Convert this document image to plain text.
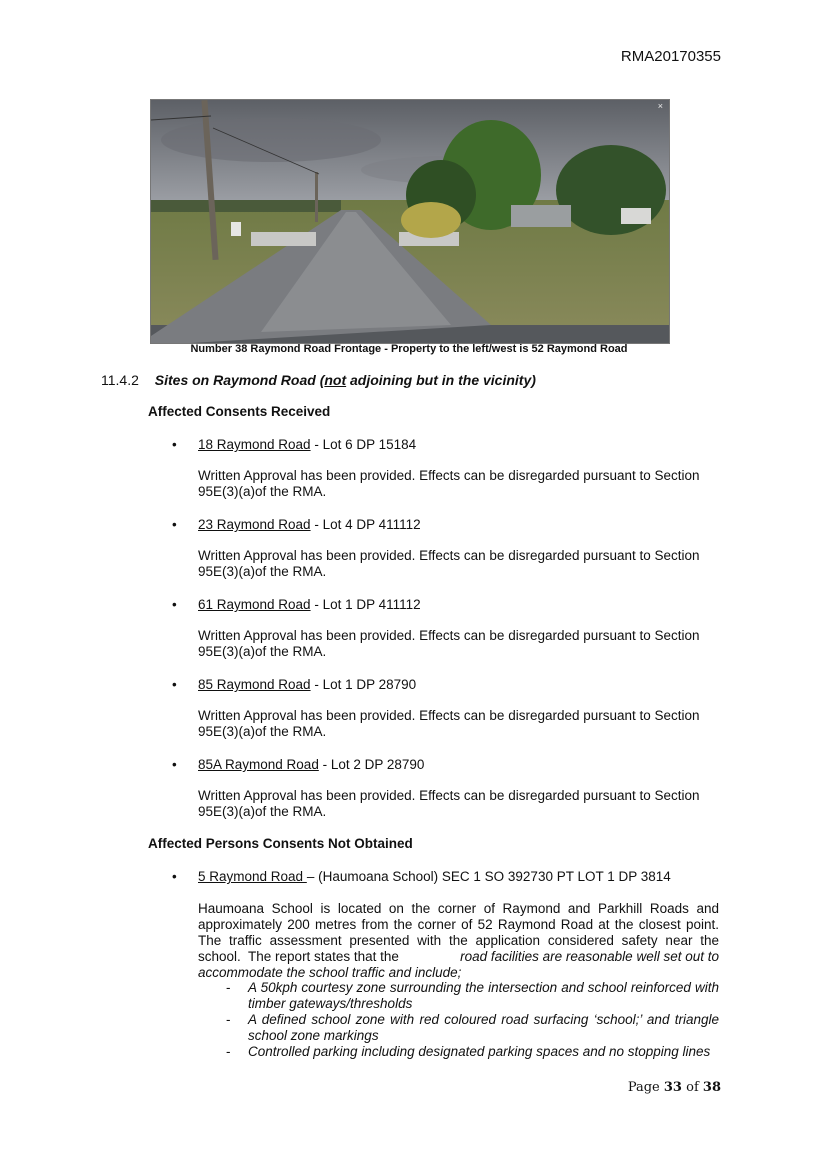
RMA20170355
×
Number 38 Raymond Road Frontage - Property to the left/west is 52 Raymond Road
11.4.2 Sites on Raymond Road (not adjoining but in the vicinity)
Affected Consents Received
• 18 Raymond Road - Lot 6 DP 15184
Written Approval has been provided. Effects can be disregarded pursuant to Section 95E(3)(a)of the RMA.
• 23 Raymond Road - Lot 4 DP 411112
Written Approval has been provided. Effects can be disregarded pursuant to Section 95E(3)(a)of the RMA.
• 61 Raymond Road - Lot 1 DP 411112
Written Approval has been provided. Effects can be disregarded pursuant to Section 95E(3)(a)of the RMA.
• 85 Raymond Road - Lot 1 DP 28790
Written Approval has been provided. Effects can be disregarded pursuant to Section 95E(3)(a)of the RMA.
• 85A Raymond Road - Lot 2 DP 28790
Written Approval has been provided. Effects can be disregarded pursuant to Section 95E(3)(a)of the RMA.
Affected Persons Consents Not Obtained
• 5 Raymond Road – (Haumoana School) SEC 1 SO 392730 PT LOT 1 DP 3814
Haumoana School is located on the corner of Raymond and Parkhill Roads and
approximately 200 metres from the corner of 52 Raymond Road at the closest point.
The traffic assessment presented with the application considered safety near the
school.  The report states that the	road facilities are reasonable well set out to
accommodate the school traffic and include;
- A 50kph courtesy zone surrounding the intersection and school reinforced with timber gateways/thresholds
- A defined school zone with red coloured road surfacing ‘school;’ and triangle school zone markings
- Controlled parking including designated parking spaces and no stopping lines
Page 33 of 38
